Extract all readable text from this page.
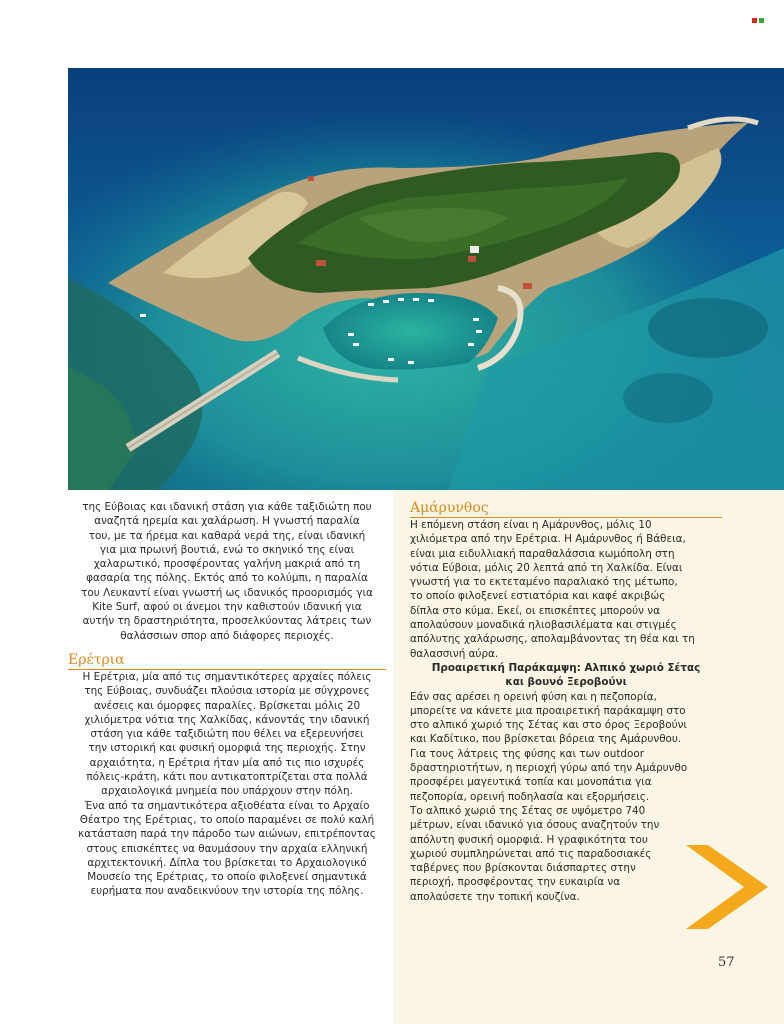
της Εύβοιας και ιδανική στάση για κάθε ταξιδιώτη που

αναζητά ηρεμία και χαλάρωση. Η γνωστή παραλία

του, με τα ήρεμα και καθαρά νερά της, είναι ιδανική

για μια πρωινή βουτιά, ενώ το σκηνικό της είναι

χαλαρωτικό, προσφέροντας γαλήνη μακριά από τη

φασαρία της πόλης. Εκτός από το κολύμπι, η παραλία

του Λευκαντί είναι γνωστή ως ιδανικός προορισμός για

Kite Surf, αφού οι άνεμοι την καθιστούν ιδανική για

αυτήν τη δραστηριότητα, προσελκύοντας λάτρεις των

θαλάσσιων σπορ από διάφορες περιοχές.

Ερέτρια

Η Ερέτρια, μία από τις σημαντικότερες αρχαίες πόλεις

της Εύβοιας, συνδυάζει πλούσια ιστορία με σύγχρονες

ανέσεις και όμορφες παραλίες. Βρίσκεται μόλις 20

χιλιόμετρα νότια της Χαλκίδας, κάνοντάς την ιδανική

στάση για κάθε ταξιδιώτη που θέλει να εξερευνήσει

την ιστορική και φυσική ομορφιά της περιοχής. Στην

αρχαιότητα, η Ερέτρια ήταν μία από τις πιο ισχυρές

πόλεις-κράτη, κάτι που αντικατοπτρίζεται στα πολλά

αρχαιολογικά μνημεία που υπάρχουν στην πόλη.

Ένα από τα σημαντικότερα αξιοθέατα είναι το Αρχαίο

Θέατρο της Ερέτριας, το οποίο παραμένει σε πολύ καλή

κατάσταση παρά την πάροδο των αιώνων, επιτρέποντας

στους επισκέπτες να θαυμάσουν την αρχαία ελληνική

αρχιτεκτονική. Δίπλα του βρίσκεται το Αρχαιολογικό

Μουσείο της Ερέτριας, το οποίο φιλοξενεί σημαντικά

ευρήματα που αναδεικνύουν την ιστορία της πόλης.

Αμάρυνθος

Η επόμενη στάση είναι η Αμάρυνθος, μόλις 10

χιλιόμετρα από την Ερέτρια. Η Αμάρυνθος ή Βάθεια,

είναι μια ειδυλλιακή παραθαλάσσια κωμόπολη στη

νότια Εύβοια, μόλις 20 λεπτά από τη Χαλκίδα. Είναι

γνωστή για το εκτεταμένο παραλιακό της μέτωπο,

το οποίο φιλοξενεί εστιατόρια και καφέ ακριβώς

δίπλα στο κύμα. Εκεί, οι επισκέπτες μπορούν να

απολαύσουν μοναδικά ηλιοβασιλέματα και στιγμές

απόλυτης χαλάρωσης, απολαμβάνοντας τη θέα και τη

θαλασσινή αύρα.

Προαιρετική Παράκαμψη: Αλπικό χωριό Σέτας

και βουνό Ξεροβούνι

Εάν σας αρέσει η ορεινή φύση και η πεζοπορία,

μπορείτε να κάνετε μια προαιρετική παράκαμψη στο

στο αλπικό χωριό της Σέτας και στο όρος Ξεροβούνι

και Καδίτικο, που βρίσκεται βόρεια της Αμάρυνθου.

Για τους λάτρεις της φύσης και των outdoor

δραστηριοτήτων, η περιοχή γύρω από την Αμάρυνθο

προσφέρει μαγευτικά τοπία και μονοπάτια για

πεζοπορία, ορεινή ποδηλασία και εξορμήσεις.

Το αλπικό χωριό της Σέτας σε υψόμετρο 740

μέτρων, είναι ιδανικό για όσους αναζητούν την

απόλυτη φυσική ομορφιά. Η γραφικότητα του

χωριού συμπληρώνεται από τις παραδοσιακές

ταβέρνες που βρίσκονται διάσπαρτες στην

περιοχή, προσφέροντας την ευκαιρία να

απολαύσετε την τοπική κουζίνα.

57
